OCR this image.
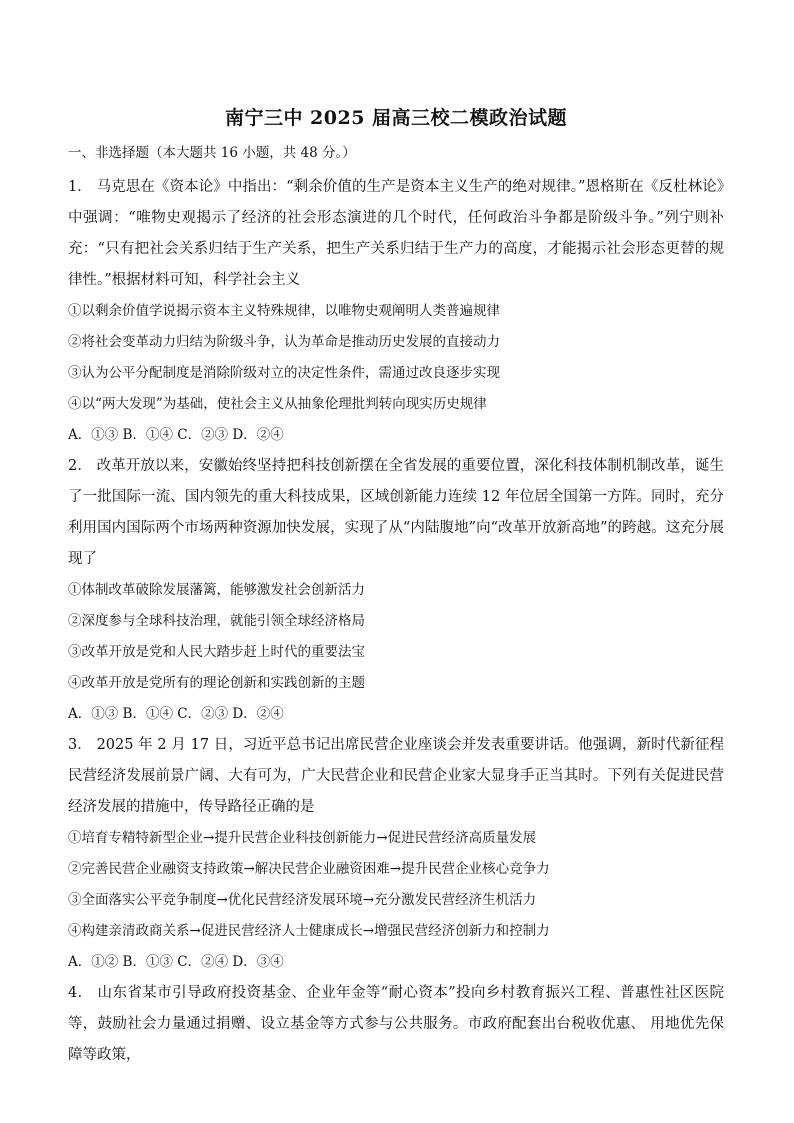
南宁三中 2025 届高三校二模政治试题

一、非选择题（本大题共 16 小题，共 48 分。）

1． 马克思在《资本论》中指出：“剩余价值的生产是资本主义生产的绝对规律。”恩格斯在《反杜林论》中强调：“唯物史观揭示了经济的社会形态演进的几个时代，任何政治斗争都是阶级斗争。”列宁则补充：“只有把社会关系归结于生产关系，把生产关系归结于生产力的高度，才能揭示社会形态更替的规律性。”根据材料可知，科学社会主义

①以剩余价值学说揭示资本主义特殊规律，以唯物史观阐明人类普遍规律

②将社会变革动力归结为阶级斗争，认为革命是推动历史发展的直接动力

③认为公平分配制度是消除阶级对立的决定性条件，需通过改良逐步实现

④以“两大发现”为基础，使社会主义从抽象伦理批判转向现实历史规律

A．①③ B．①④ C．②③ D．②④

2． 改革开放以来，安徽始终坚持把科技创新摆在全省发展的重要位置，深化科技体制机制改革，诞生了一批国际一流、国内领先的重大科技成果，区域创新能力连续 12 年位居全国第一方阵。同时，充分利用国内国际两个市场两种资源加快发展，实现了从“内陆腹地”向“改革开放新高地”的跨越。这充分展现了

①体制改革破除发展藩篱，能够激发社会创新活力

②深度参与全球科技治理，就能引领全球经济格局

③改革开放是党和人民大踏步赶上时代的重要法宝

④改革开放是党所有的理论创新和实践创新的主题

A．①③ B．①④ C．②③ D．②④

3． 2025 年 2 月 17 日，习近平总书记出席民营企业座谈会并发表重要讲话。他强调，新时代新征程民营经济发展前景广阔、大有可为，广大民营企业和民营企业家大显身手正当其时。下列有关促进民营经济发展的措施中，传导路径正确的是

①培育专精特新型企业→提升民营企业科技创新能力→促进民营经济高质量发展

②完善民营企业融资支持政策→解决民营企业融资困难→提升民营企业核心竞争力

③全面落实公平竞争制度→优化民营经济发展环境→充分激发民营经济生机活力

④构建亲清政商关系→促进民营经济人士健康成长→增强民营经济创新力和控制力

A．①② B．①③ C．②④ D．③④

4． 山东省某市引导政府投资基金、企业年金等“耐心资本”投向乡村教育振兴工程、普惠性社区医院等，鼓励社会力量通过捐赠、设立基金等方式参与公共服务。市政府配套出台税收优惠、 用地优先保障等政策，
